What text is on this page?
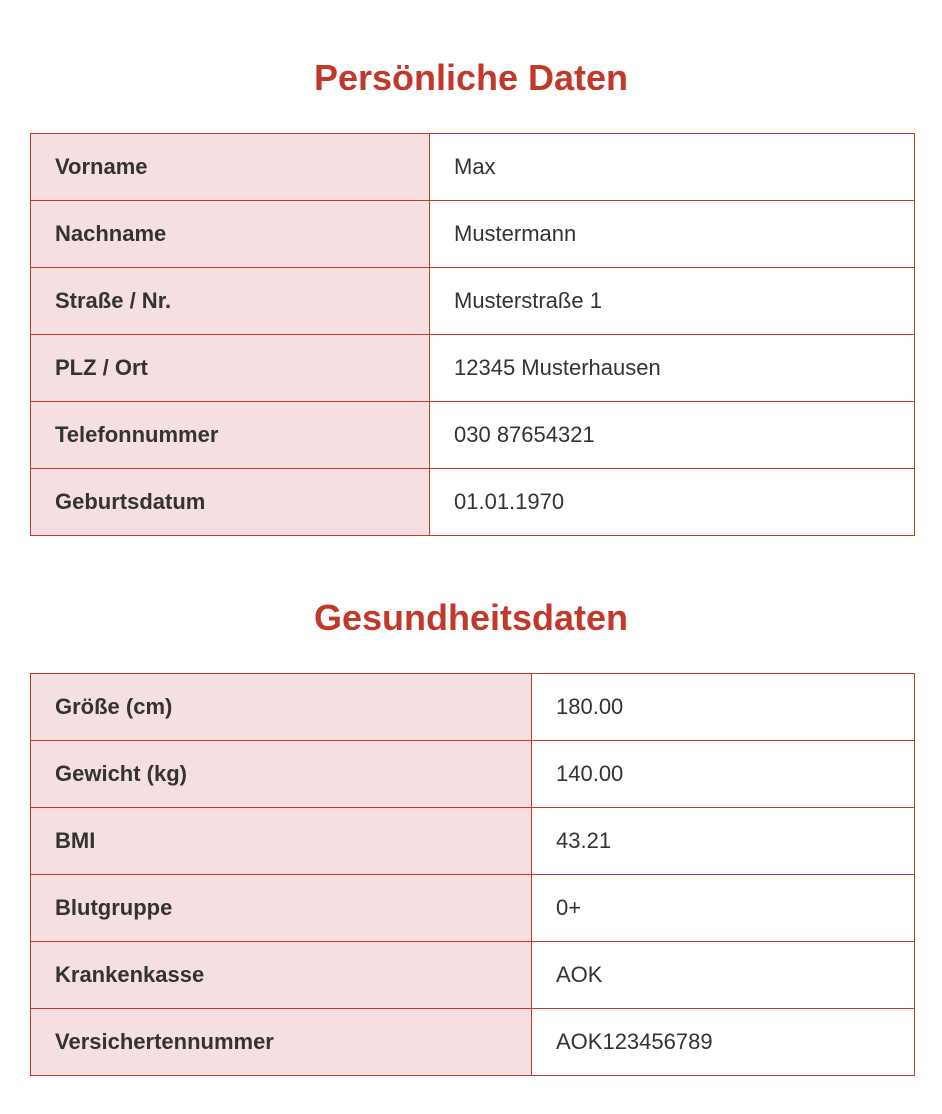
Persönliche Daten
Vorname	Max
Nachname	Mustermann
Straße / Nr.	Musterstraße 1
PLZ / Ort	12345 Musterhausen
Telefonnummer	030 87654321
Geburtsdatum	01.01.1970
Gesundheitsdaten
Größe (cm)	180.00
Gewicht (kg)	140.00
BMI	43.21
Blutgruppe	0+
Krankenkasse	AOK
Versichertennummer	AOK123456789
